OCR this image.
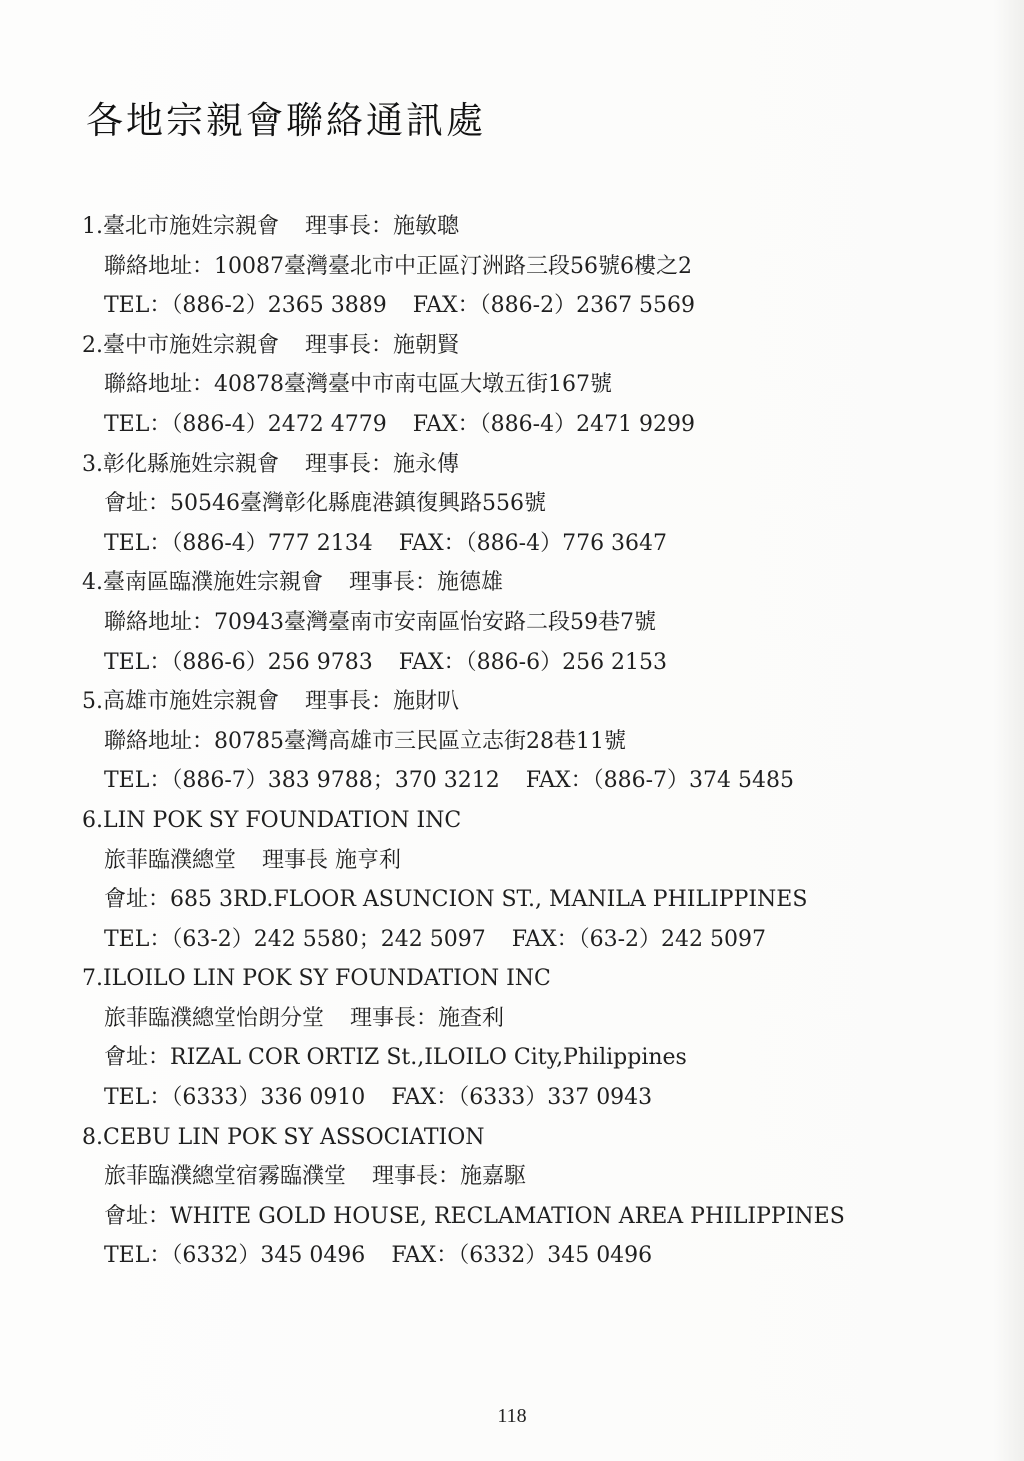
各地宗親會聯絡通訊處
1.臺北市施姓宗親會 理事長：施敏聰
聯絡地址：10087臺灣臺北市中正區汀洲路三段56號6樓之2
TEL：（886-2）2365 3889 FAX：（886-2）2367 5569
2.臺中市施姓宗親會 理事長：施朝賢
聯絡地址：40878臺灣臺中市南屯區大墩五街167號
TEL：（886-4）2472 4779 FAX：（886-4）2471 9299
3.彰化縣施姓宗親會 理事長：施永傳
會址：50546臺灣彰化縣鹿港鎮復興路556號
TEL：（886-4）777 2134 FAX：（886-4）776 3647
4.臺南區臨濮施姓宗親會 理事長：施德雄
聯絡地址：70943臺灣臺南市安南區怡安路二段59巷7號
TEL：（886-6）256 9783 FAX：（886-6）256 2153
5.高雄市施姓宗親會 理事長：施財叭
聯絡地址：80785臺灣高雄市三民區立志街28巷11號
TEL：（886-7）383 9788；370 3212 FAX：（886-7）374 5485
6.LIN POK SY FOUNDATION INC
旅菲臨濮總堂 理事長 施亨利
會址：685 3RD.FLOOR ASUNCION ST., MANILA PHILIPPINES
TEL：（63-2）242 5580；242 5097 FAX：（63-2）242 5097
7.ILOILO LIN POK SY FOUNDATION INC
旅菲臨濮總堂怡朗分堂 理事長：施查利
會址：RIZAL COR ORTIZ St.,ILOILO City,Philippines
TEL：（6333）336 0910 FAX：（6333）337 0943
8.CEBU LIN POK SY ASSOCIATION
旅菲臨濮總堂宿霧臨濮堂 理事長：施嘉駆
會址：WHITE GOLD HOUSE, RECLAMATION AREA PHILIPPINES
TEL：（6332）345 0496 FAX：（6332）345 0496
118
